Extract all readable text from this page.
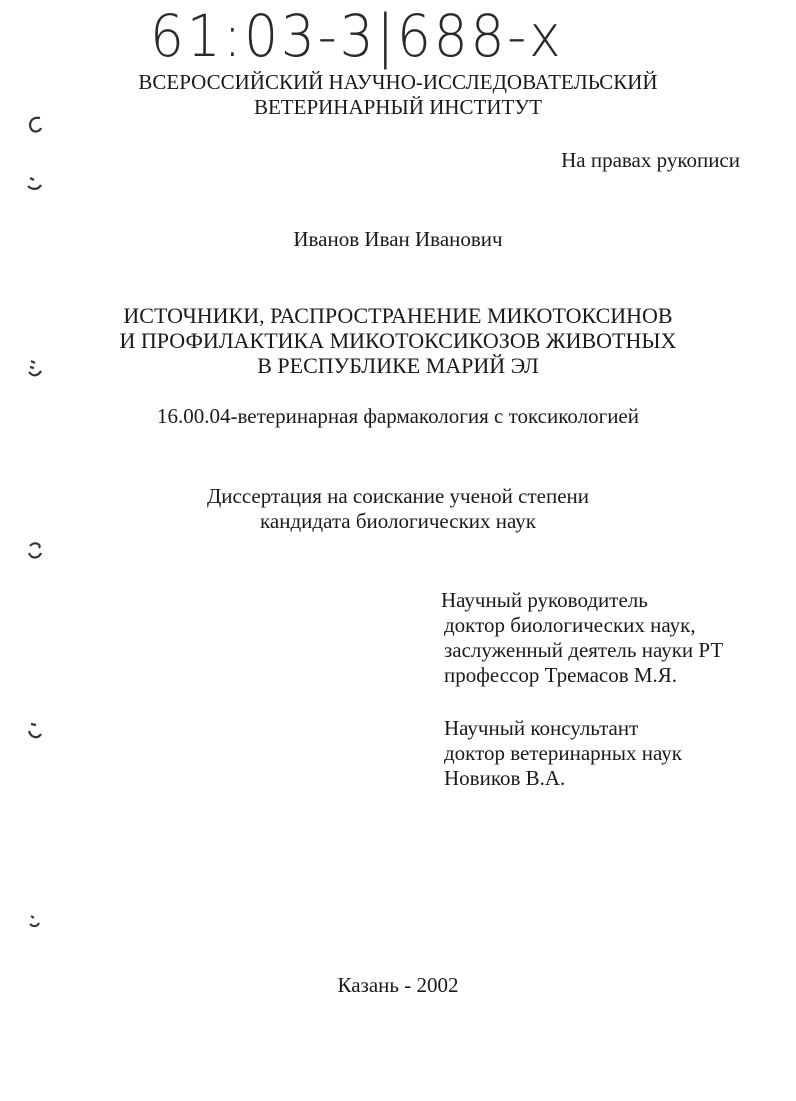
61:03-3|688-x
ВСЕРОССИЙСКИЙ НАУЧНО-ИССЛЕДОВАТЕЛЬСКИЙ
ВЕТЕРИНАРНЫЙ ИНСТИТУТ
На правах рукописи
Иванов Иван Иванович
ИСТОЧНИКИ, РАСПРОСТРАНЕНИЕ МИКОТОКСИНОВ
И ПРОФИЛАКТИКА МИКОТОКСИКОЗОВ ЖИВОТНЫХ
В РЕСПУБЛИКЕ МАРИЙ ЭЛ
16.00.04-ветеринарная фармакология с токсикологией
Диссертация на соискание ученой степени
кандидата биологических наук
Научный руководитель
доктор биологических наук,
заслуженный деятель науки РТ
профессор Тремасов М.Я.
Научный консультант
доктор ветеринарных наук
Новиков В.А.
Казань - 2002
